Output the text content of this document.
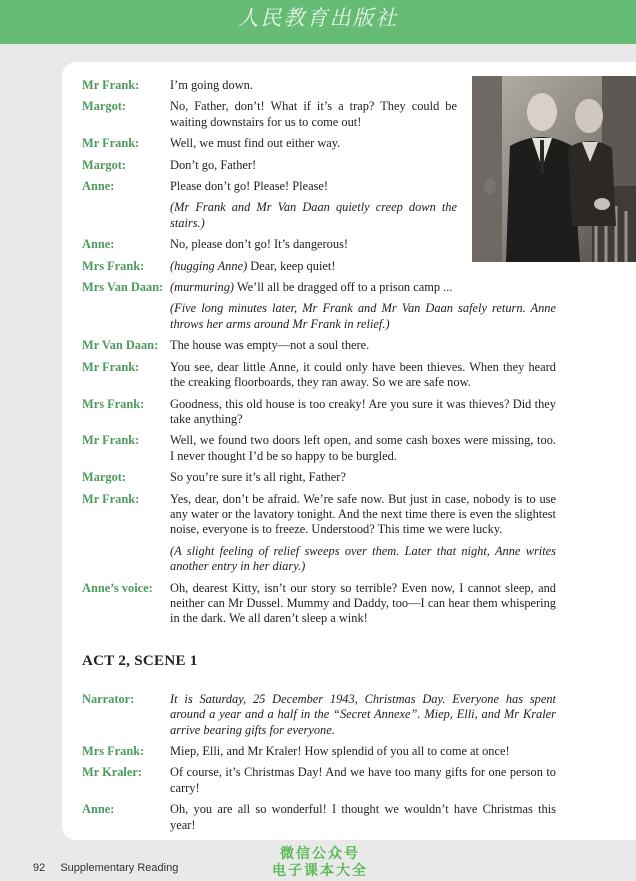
人民教育出版社
Mr Frank: I’m going down.
Margot:	No, Father, don’t! What if it’s a trap? They could be waiting downstairs for us to come out!
Mr Frank: Well, we must find out either way.
Margot:	Don’t go, Father!
Anne:	Please don’t go! Please! Please!
(Mr Frank and Mr Van Daan quietly creep down the stairs.)
Anne:	No, please don’t go! It’s dangerous!
Mrs Frank: (hugging Anne) Dear, keep quiet!
Mrs Van Daan: (murmuring) We’ll all be dragged off to a prison camp ...
(Five long minutes later, Mr Frank and Mr Van Daan safely return. Anne throws her arms around Mr Frank in relief.)
Mr Van Daan: The house was empty—not a soul there.
Mr Frank: You see, dear little Anne, it could only have been thieves. When they heard the creaking floorboards, they ran away. So we are safe now.
Mrs Frank: Goodness, this old house is too creaky! Are you sure it was thieves? Did they take anything?
Mr Frank: Well, we found two doors left open, and some cash boxes were missing, too. I never thought I’d be so happy to be burgled.
Margot:	So you’re sure it’s all right, Father?
Mr Frank: Yes, dear, don’t be afraid. We’re safe now. But just in case, nobody is to use any water or the lavatory tonight. And the next time there is even the slightest noise, everyone is to freeze. Understood? This time we were lucky.
(A slight feeling of relief sweeps over them. Later that night, Anne writes another entry in her diary.)
Anne’s voice: Oh, dearest Kitty, isn’t our story so terrible? Even now, I cannot sleep, and neither can Mr Dussel. Mummy and Daddy, too—I can hear them whispering in the dark. We all daren’t sleep a wink!
ACT 2, SCENE 1
Narrator:	It is Saturday, 25 December 1943, Christmas Day. Everyone has spent around a year and a half in the “Secret Annexe”. Miep, Elli, and Mr Kraler arrive bearing gifts for everyone.
Mrs Frank: Miep, Elli, and Mr Kraler! How splendid of you all to come at once!
Mr Kraler: Of course, it’s Christmas Day! And we have too many gifts for one person to carry!
Anne:	Oh, you are all so wonderful! I thought we wouldn’t have Christmas this year!
92 Supplementary Reading
微信公众号
电子课本大全
